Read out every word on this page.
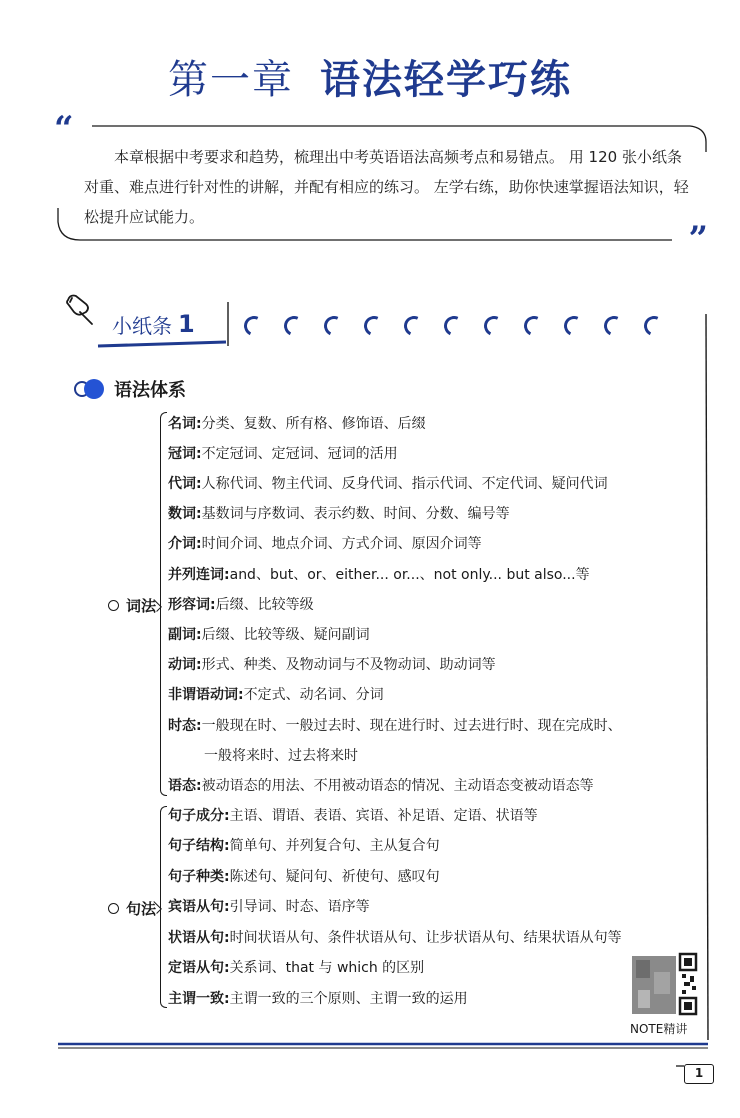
第一章 语法轻学巧练
“
本章根据中考要求和趋势，梳理出中考英语语法高频考点和易错点。 用 120 张小纸条对重、难点进行针对性的讲解，并配有相应的练习。 左学右练，助你快速掌握语法知识，轻松提升应试能力。
”
小纸条 1
语法体系
词法
名词:分类、复数、所有格、修饰语、后缀
冠词:不定冠词、定冠词、冠词的活用
代词:人称代词、物主代词、反身代词、指示代词、不定代词、疑问代词
数词:基数词与序数词、表示约数、时间、分数、编号等
介词:时间介词、地点介词、方式介词、原因介词等
并列连词:and、but、or、either... or...、not only... but also...等
形容词:后缀、比较等级
副词:后缀、比较等级、疑问副词
动词:形式、种类、及物动词与不及物动词、助动词等
非谓语动词:不定式、动名词、分词
时态:一般现在时、一般过去时、现在进行时、过去进行时、现在完成时、
一般将来时、过去将来时
语态:被动语态的用法、不用被动语态的情况、主动语态变被动语态等
句法
句子成分:主语、谓语、表语、宾语、补足语、定语、状语等
句子结构:简单句、并列复合句、主从复合句
句子种类:陈述句、疑问句、祈使句、感叹句
宾语从句:引导词、时态、语序等
状语从句:时间状语从句、条件状语从句、让步状语从句、结果状语从句等
定语从句:关系词、that 与 which 的区别
主谓一致:主谓一致的三个原则、主谓一致的运用
NOTE精讲
1
